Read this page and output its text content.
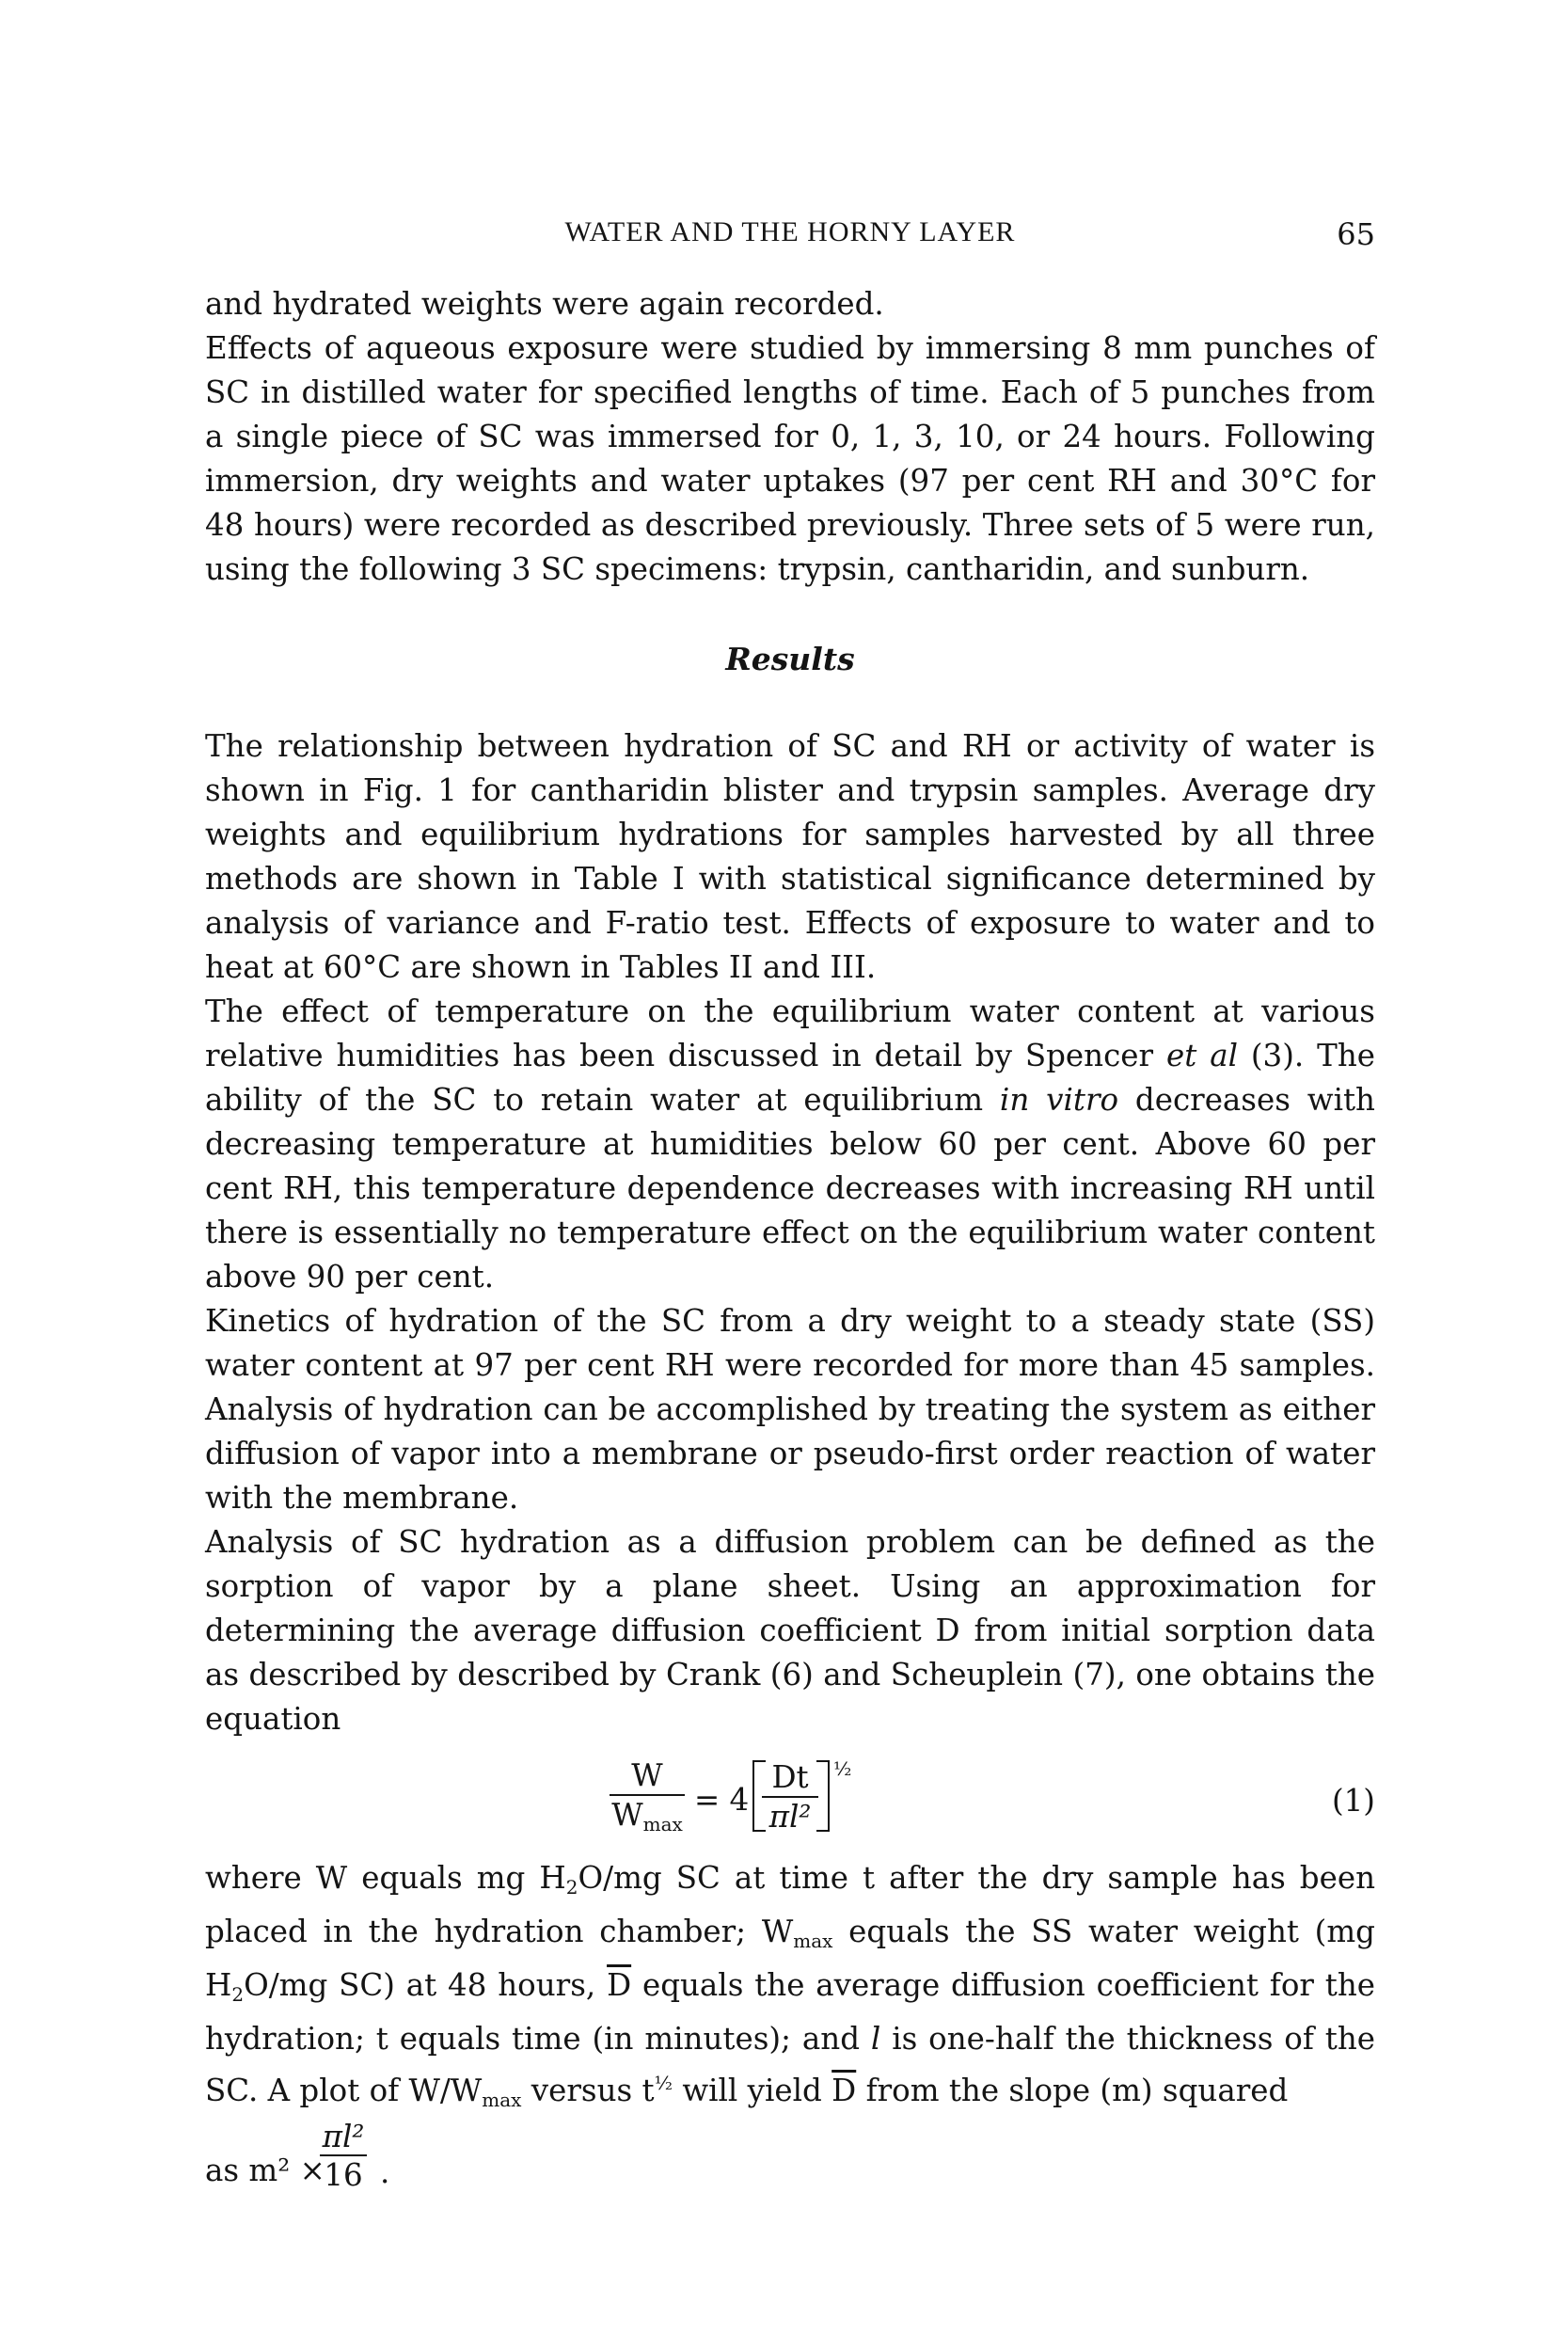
WATER AND THE HORNY LAYER	65

and hydrated weights were again recorded.

Effects of aqueous exposure were studied by immersing 8 mm punches of SC in distilled water for specified lengths of time. Each of 5 punches from a single piece of SC was immersed for 0, 1, 3, 10, or 24 hours. Following immersion, dry weights and water uptakes (97 per cent RH and 30°C for 48 hours) were recorded as described previously. Three sets of 5 were run, using the following 3 SC specimens: trypsin, cantharidin, and sunburn.

Results

The relationship between hydration of SC and RH or activity of water is shown in Fig. 1 for cantharidin blister and trypsin samples. Average dry weights and equilibrium hydrations for samples harvested by all three methods are shown in Table I with statistical significance determined by analysis of variance and F-ratio test. Effects of exposure to water and to heat at 60°C are shown in Tables II and III.

The effect of temperature on the equilibrium water content at various relative humidities has been discussed in detail by Spencer et al (3). The ability of the SC to retain water at equilibrium in vitro decreases with decreasing temperature at humidities below 60 per cent. Above 60 per cent RH, this temperature dependence decreases with increasing RH until there is essentially no temperature effect on the equilibrium water content above 90 per cent.

Kinetics of hydration of the SC from a dry weight to a steady state (SS) water content at 97 per cent RH were recorded for more than 45 samples. Analysis of hydration can be accomplished by treating the system as either diffusion of vapor into a membrane or pseudo-first order reaction of water with the membrane.

Analysis of SC hydration as a diffusion problem can be defined as the sorption of vapor by a plane sheet. Using an approximation for determining the average diffusion coefficient D from initial sorption data as described by described by Crank (6) and Scheuplein (7), one obtains the equation

W
$W_{max}$
= $4 \frac{Dt}{\text{πl²}}$ ½
(1)

where W equals mg $H_2O/mg$ SC at time t after the dry sample has been placed in the hydration chamber; $W_{max}$ equals the SS water weight (mg $H_2O/mg$ SC) at 48 hours, $\overline{D}$ equals the average diffusion coefficient for the hydration; t equals time (in minutes); and l is one-half the thickness of the SC. A plot of $W/W_{max}$ versus $t^{\frac{1}{2}}$ will yield $\overline{D}$ from the slope (m) squared

as m² ×
$\frac{\text{πl²}}{16}$ .
